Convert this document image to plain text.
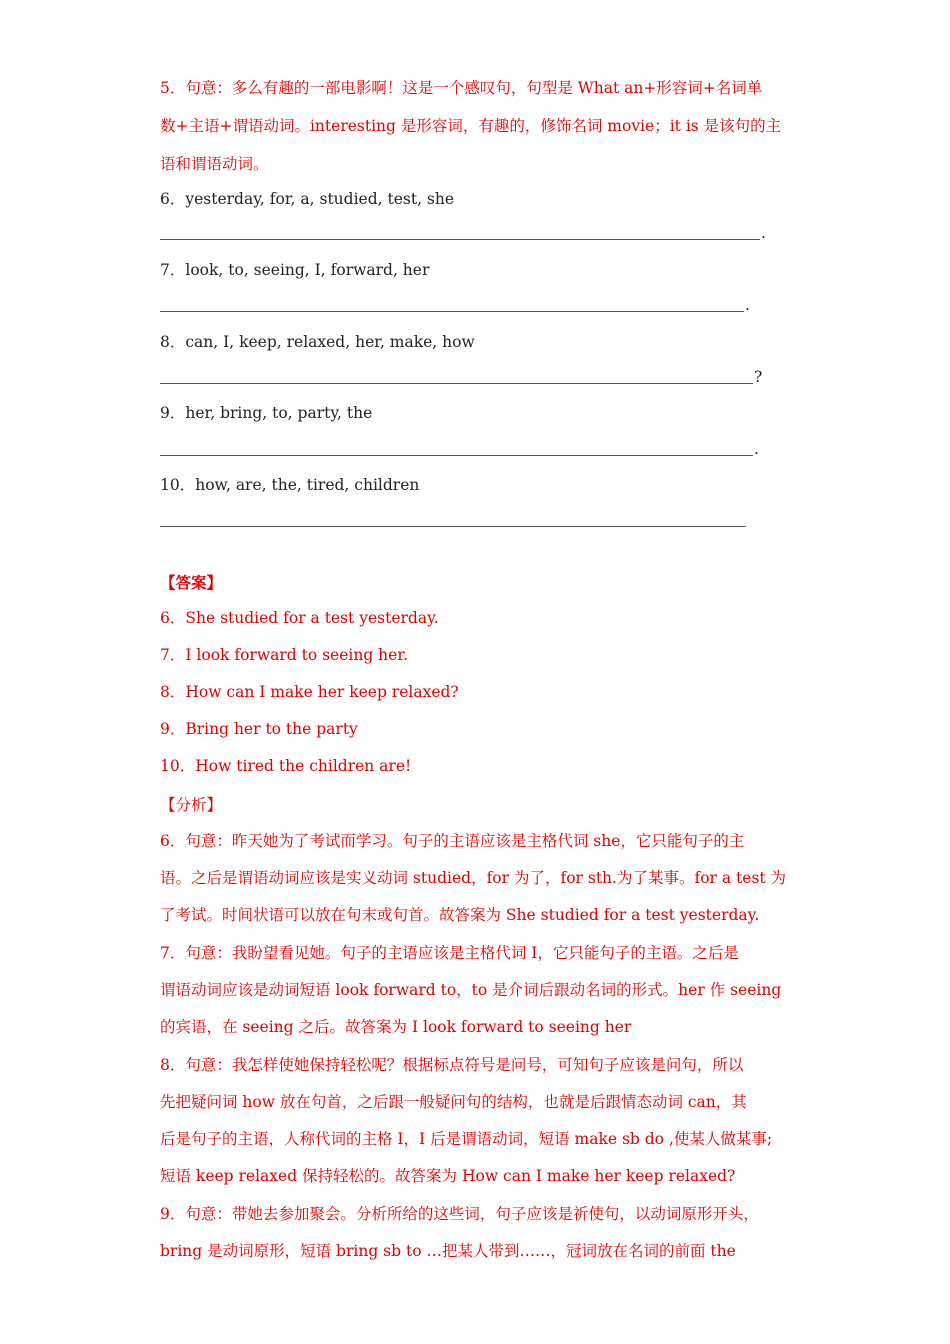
5．句意：多么有趣的一部电影啊！这是一个感叹句，句型是 What an+形容词+名词单
数+主语+谓语动词。interesting 是形容词，有趣的，修饰名词 movie；it is 是该句的主
语和谓语动词。
6．yesterday, for, a, studied, test, she
.
7．look, to, seeing, I, forward, her
.
8．can, I, keep, relaxed, her, make, how
?
9．her, bring, to, party, the
.
10．how, are, the, tired, children
【答案】
6．She studied for a test yesterday.
7．I look forward to seeing her.
8．How can I make her keep relaxed?
9．Bring her to the party
10．How tired the children are!
【分析】
6．句意：昨天她为了考试而学习。句子的主语应该是主格代词 she，它只能句子的主
语。之后是谓语动词应该是实义动词 studied，for 为了，for sth.为了某事。for a test 为
了考试。时间状语可以放在句末或句首。故答案为 She studied for a test yesterday.
7．句意：我盼望看见她。句子的主语应该是主格代词 I，它只能句子的主语。之后是
谓语动词应该是动词短语 look forward to，to 是介词后跟动名词的形式。her 作 seeing
的宾语，在 seeing 之后。故答案为 I look forward to seeing her
8．句意：我怎样使她保持轻松呢？根据标点符号是问号，可知句子应该是问句，所以
先把疑问词 how 放在句首，之后跟一般疑问句的结构，也就是后跟情态动词 can，其
后是句子的主语，人称代词的主格 I，I 后是谓语动词，短语 make sb do ,使某人做某事;
短语 keep relaxed 保持轻松的。故答案为 How can I make her keep relaxed?
9．句意：带她去参加聚会。分析所给的这些词，句子应该是祈使句，以动词原形开头，
bring 是动词原形，短语 bring sb to …把某人带到……，冠词放在名词的前面 the
